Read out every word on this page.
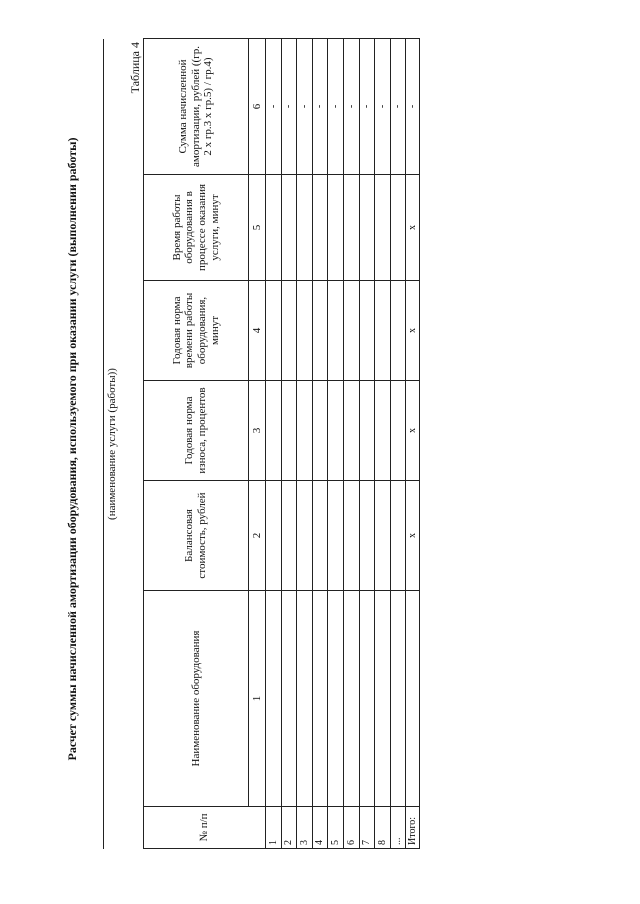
Расчет суммы начисленной амортизации оборудования, используемого при оказании услуги (выполнении работы) (наименование услуги (работы))
Таблица 4
№ п/п	Наименование оборудования	Балансовая стоимость, рублей	Годовая норма износа, процентов	Годовая норма времени работы оборудования, минут	Время работы оборудования в процессе оказания услуги, минут	Сумма начисленной амортизации, рублей ((гр. 2 х гр.3 х гр.5) / гр.4)
	1	2	3	4	5	6
1						-
2						-
3						-
4						-
5						-
6						-
7						-
8						-
...						-
Итого:		х	х	х	х	-
